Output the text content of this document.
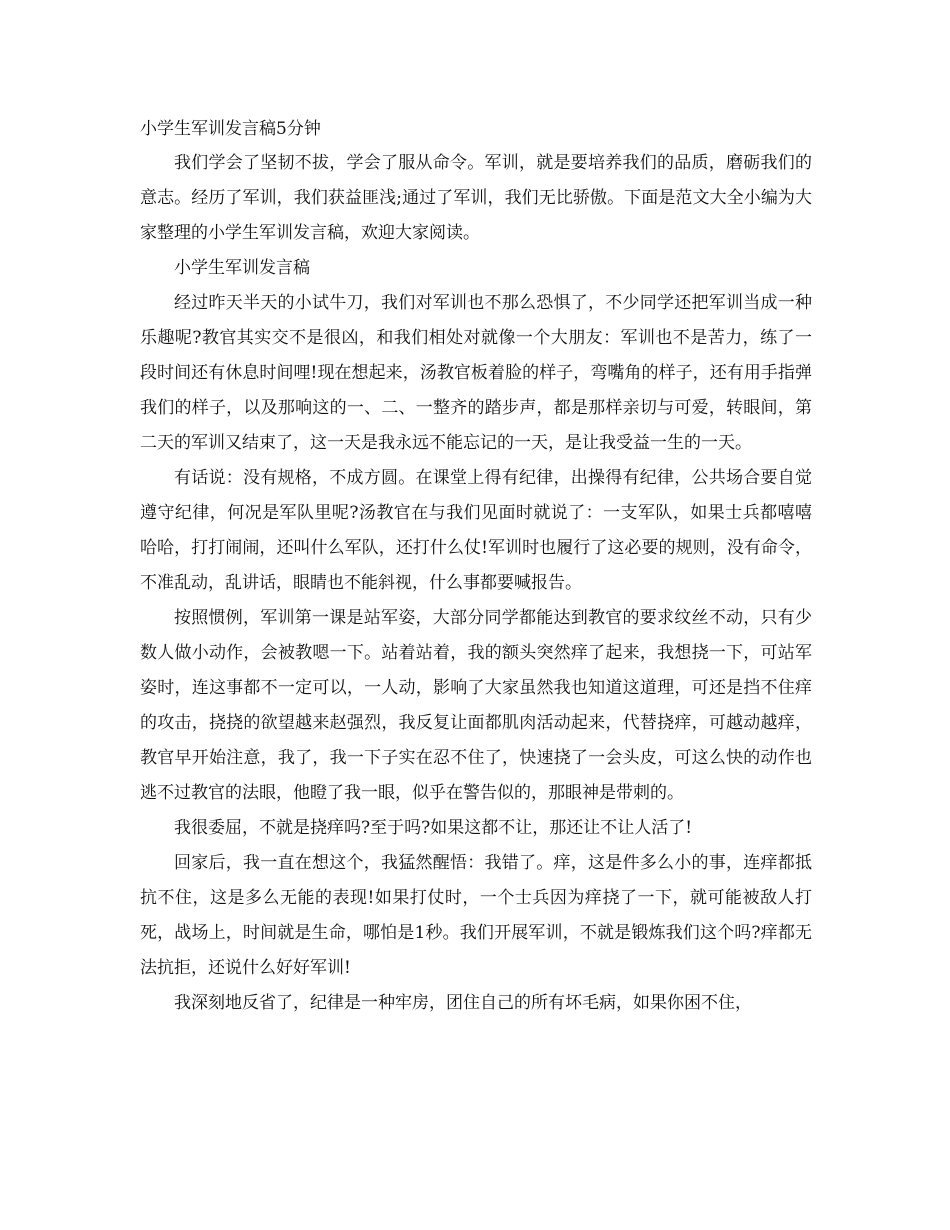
小学生军训发言稿5分钟

我们学会了坚韧不拔，学会了服从命令。军训，就是要培养我们的品质，磨砺我们的意志。经历了军训，我们获益匪浅;通过了军训，我们无比骄傲。下面是范文大全小编为大家整理的小学生军训发言稿，欢迎大家阅读。

小学生军训发言稿

经过昨天半天的小试牛刀，我们对军训也不那么恐惧了，不少同学还把军训当成一种乐趣呢?教官其实交不是很凶，和我们相处对就像一个大朋友：军训也不是苦力，练了一段时间还有休息时间哩!现在想起来，汤教官板着脸的样子，弯嘴角的样子，还有用手指弹我们的样子，以及那响这的一、二、一整齐的踏步声，都是那样亲切与可爱，转眼间，第二天的军训又结束了，这一天是我永远不能忘记的一天，是让我受益一生的一天。

有话说：没有规格，不成方圆。在课堂上得有纪律，出操得有纪律，公共场合要自觉遵守纪律，何况是军队里呢?汤教官在与我们见面时就说了：一支军队，如果士兵都嘻嘻哈哈，打打闹闹，还叫什么军队，还打什么仗!军训时也履行了这必要的规则，没有命令，不准乱动，乱讲话，眼睛也不能斜视，什么事都要喊报告。

按照惯例，军训第一课是站军姿，大部分同学都能达到教官的要求纹丝不动，只有少数人做小动作，会被教嗯一下。站着站着，我的额头突然痒了起来，我想挠一下，可站军姿时，连这事都不一定可以，一人动，影响了大家虽然我也知道这道理，可还是挡不住痒的攻击，挠挠的欲望越来赵强烈，我反复让面都肌肉活动起来，代替挠痒，可越动越痒，教官早开始注意，我了，我一下子实在忍不住了，快速挠了一会头皮，可这么快的动作也逃不过教官的法眼，他瞪了我一眼，似乎在警告似的，那眼神是带刺的。

我很委屈，不就是挠痒吗?至于吗?如果这都不让，那还让不让人活了!

回家后，我一直在想这个，我猛然醒悟：我错了。痒，这是件多么小的事，连痒都抵抗不住，这是多么无能的表现!如果打仗时，一个士兵因为痒挠了一下，就可能被敌人打死，战场上，时间就是生命，哪怕是1秒。我们开展军训，不就是锻炼我们这个吗?痒都无法抗拒，还说什么好好军训!

我深刻地反省了，纪律是一种牢房，团住自己的所有坏毛病，如果你困不住，
